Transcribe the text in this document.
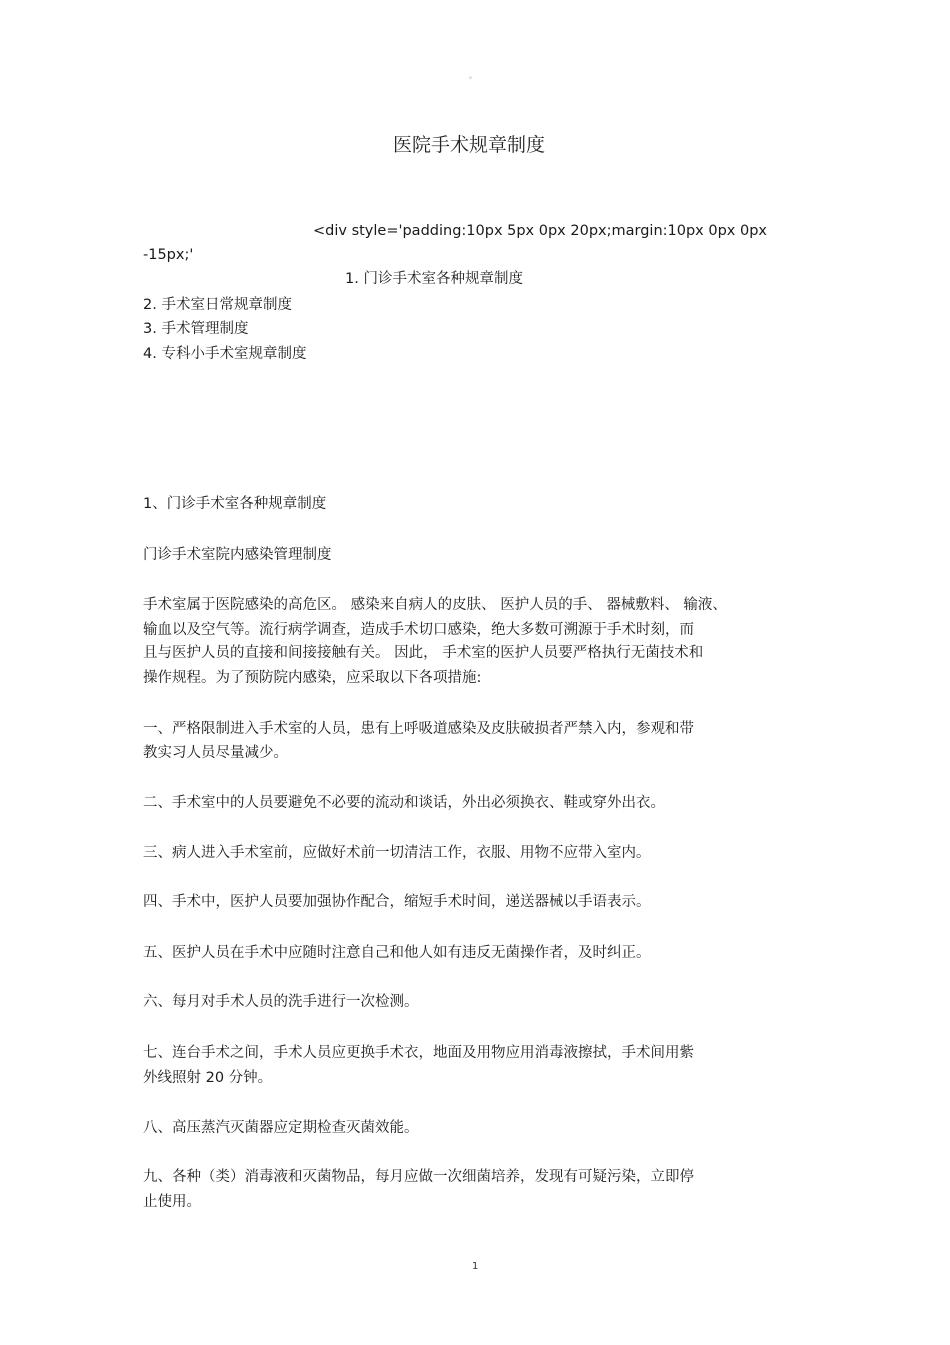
。
医院手术规章制度
<div style='padding:10px 5px 0px 20px;margin:10px 0px 0px
-15px;'
1. 门诊手术室各种规章制度
2. 手术室日常规章制度
3. 手术管理制度
4. 专科小手术室规章制度
1、门诊手术室各种规章制度
门诊手术室院内感染管理制度
手术室属于医院感染的高危区。 感染来自病人的皮肤、 医护人员的手、 器械敷料、 输液、
输血以及空气等。流行病学调查，造成手术切口感染，绝大多数可溯源于手术时刻，而
且与医护人员的直接和间接接触有关。 因此， 手术室的医护人员要严格执行无菌技术和
操作规程。为了预防院内感染，应采取以下各项措施:
一、严格限制进入手术室的人员，患有上呼吸道感染及皮肤破损者严禁入内，参观和带
教实习人员尽量减少。
二、手术室中的人员要避免不必要的流动和谈话，外出必须换衣、鞋或穿外出衣。
三、病人进入手术室前，应做好术前一切清洁工作，衣服、用物不应带入室内。
四、手术中，医护人员要加强协作配合，缩短手术时间，递送器械以手语表示。
五、医护人员在手术中应随时注意自己和他人如有违反无菌操作者，及时纠正。
六、每月对手术人员的洗手进行一次检测。
七、连台手术之间，手术人员应更换手术衣，地面及用物应用消毒液擦拭，手术间用紫
外线照射 20 分钟。
八、高压蒸汽灭菌器应定期检查灭菌效能。
九、各种（类）消毒液和灭菌物品，每月应做一次细菌培养，发现有可疑污染，立即停
止使用。
1
